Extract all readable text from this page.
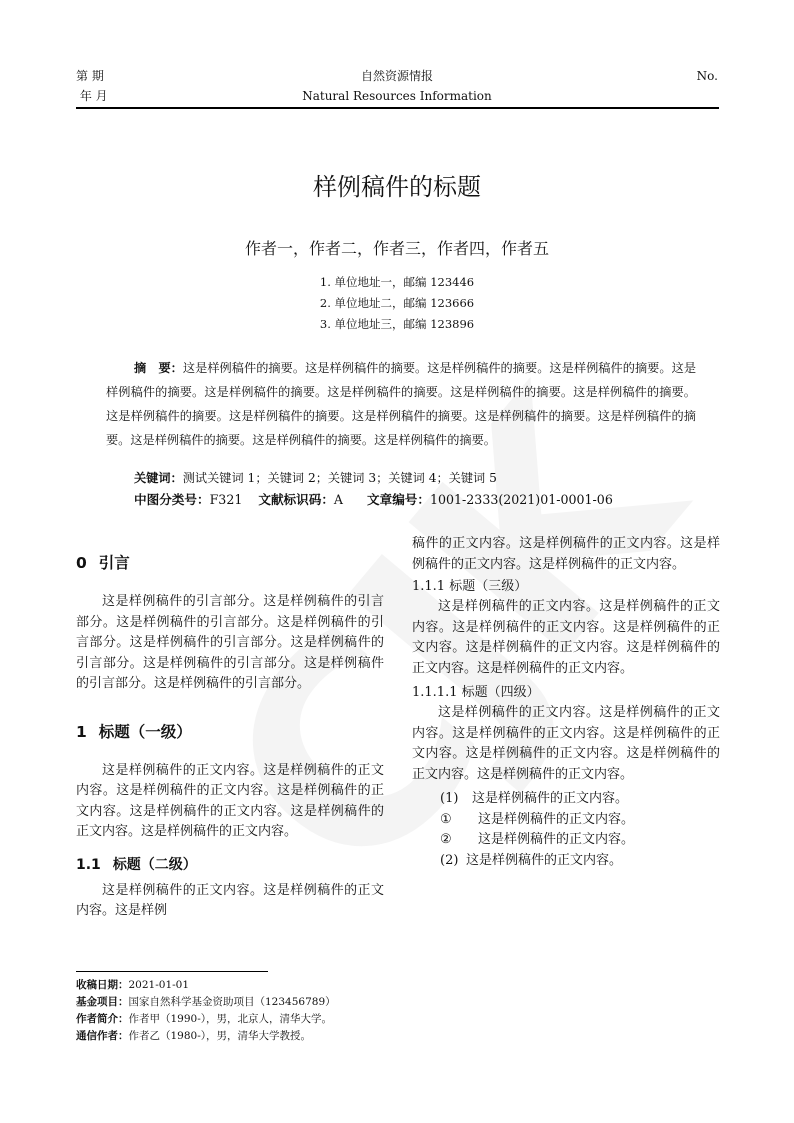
第 期
年 月
自然资源情报
Natural Resources Information
No.
样例稿件的标题
作者一，作者二，作者三，作者四，作者五
1. 单位地址一，邮编 123446
2. 单位地址二，邮编 123666
3. 单位地址三，邮编 123896
摘　要：这是样例稿件的摘要。这是样例稿件的摘要。这是样例稿件的摘要。这是样例稿件的摘要。这是样例稿件的摘要。这是样例稿件的摘要。这是样例稿件的摘要。这是样例稿件的摘要。这是样例稿件的摘要。这是样例稿件的摘要。这是样例稿件的摘要。这是样例稿件的摘要。这是样例稿件的摘要。这是样例稿件的摘要。这是样例稿件的摘要。这是样例稿件的摘要。这是样例稿件的摘要。
关键词：测试关键词 1；关键词 2；关键词 3；关键词 4；关键词 5
中图分类号：F321 文献标识码：A 文章编号：1001-2333(2021)01-0001-06
0 引言

这是样例稿件的引言部分。这是样例稿件的引言部分。这是样例稿件的引言部分。这是样例稿件的引言部分。这是样例稿件的引言部分。这是样例稿件的引言部分。这是样例稿件的引言部分。这是样例稿件的引言部分。这是样例稿件的引言部分。

1 标题（一级）

这是样例稿件的正文内容。这是样例稿件的正文内容。这是样例稿件的正文内容。这是样例稿件的正文内容。这是样例稿件的正文内容。这是样例稿件的正文内容。这是样例稿件的正文内容。

1.1 标题（二级）

这是样例稿件的正文内容。这是样例稿件的正文内容。这是样例

稿件的正文内容。这是样例稿件的正文内容。这是样例稿件的正文内容。这是样例稿件的正文内容。

1.1.1 标题（三级）

这是样例稿件的正文内容。这是样例稿件的正文内容。这是样例稿件的正文内容。这是样例稿件的正文内容。这是样例稿件的正文内容。这是样例稿件的正文内容。这是样例稿件的正文内容。

1.1.1.1 标题（四级）

这是样例稿件的正文内容。这是样例稿件的正文内容。这是样例稿件的正文内容。这是样例稿件的正文内容。这是样例稿件的正文内容。这是样例稿件的正文内容。这是样例稿件的正文内容。

(1) 这是样例稿件的正文内容。
① 这是样例稿件的正文内容。
② 这是样例稿件的正文内容。
(2) 这是样例稿件的正文内容。
收稿日期：2021-01-01
基金项目：国家自然科学基金资助项目（123456789）
作者简介：作者甲（1990-），男，北京人，清华大学。
通信作者：作者乙（1980-），男，清华大学教授。
